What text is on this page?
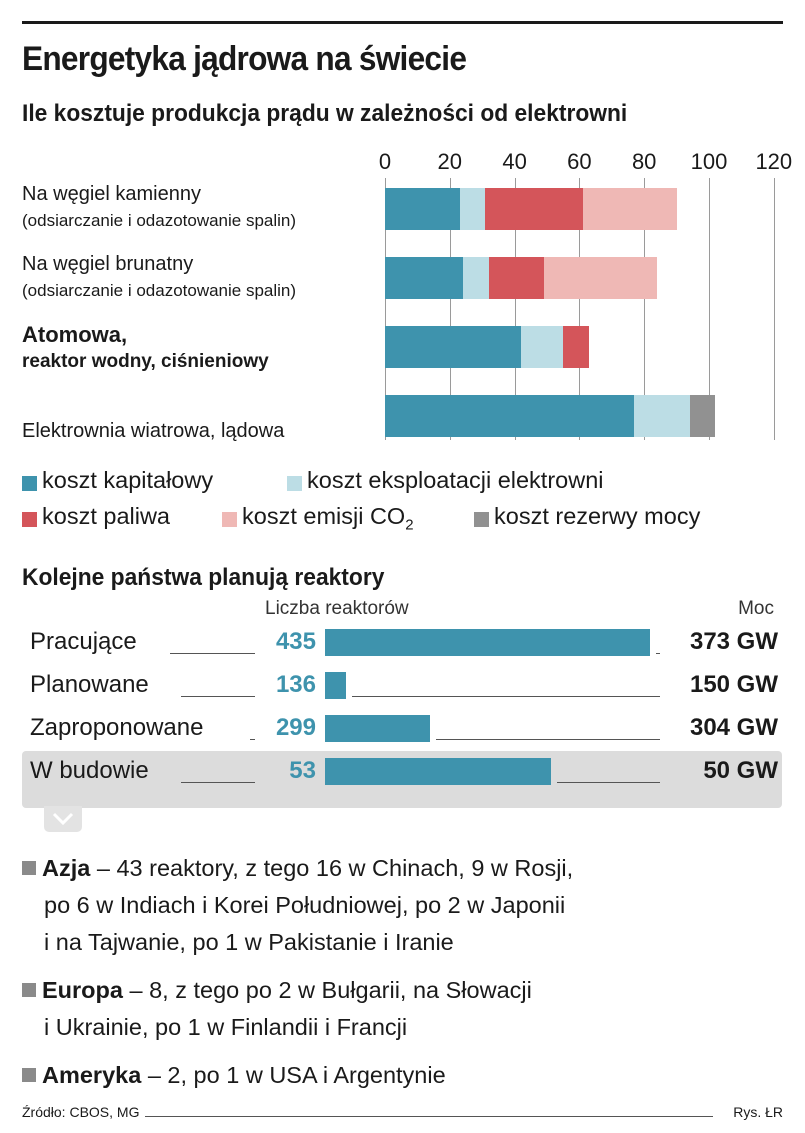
Energetyka jądrowa na świecie
Ile kosztuje produkcja prądu w zależności od elektrowni
0 20 40 60 80 100 120
Na węgiel kamienny
(odsiarczanie i odazotowanie spalin)
Na węgiel brunatny
(odsiarczanie i odazotowanie spalin)
Atomowa,
reaktor wodny, ciśnieniowy
Elektrownia wiatrowa, lądowa
koszt kapitałowy	koszt eksploatacji elektrowni
koszt paliwa	koszt emisji $CO_2$	koszt rezerwy mocy
Kolejne państwa planują reaktory
Liczba reaktorów	Moc
Pracujące	435	373 GW
Planowane	136	150 GW
Zaproponowane	299	304 GW
W budowie	53	50 GW
Azja – 43 reaktory, z tego 16 w Chinach, 9 w Rosji,
po 6 w Indiach i Korei Południowej, po 2 w Japonii
i na Tajwanie, po 1 w Pakistanie i Iranie
Europa – 8, z tego po 2 w Bułgarii, na Słowacji
i Ukrainie, po 1 w Finlandii i Francji
Ameryka – 2, po 1 w USA i Argentynie
Źródło: CBOS, MG	Rys. ŁR
